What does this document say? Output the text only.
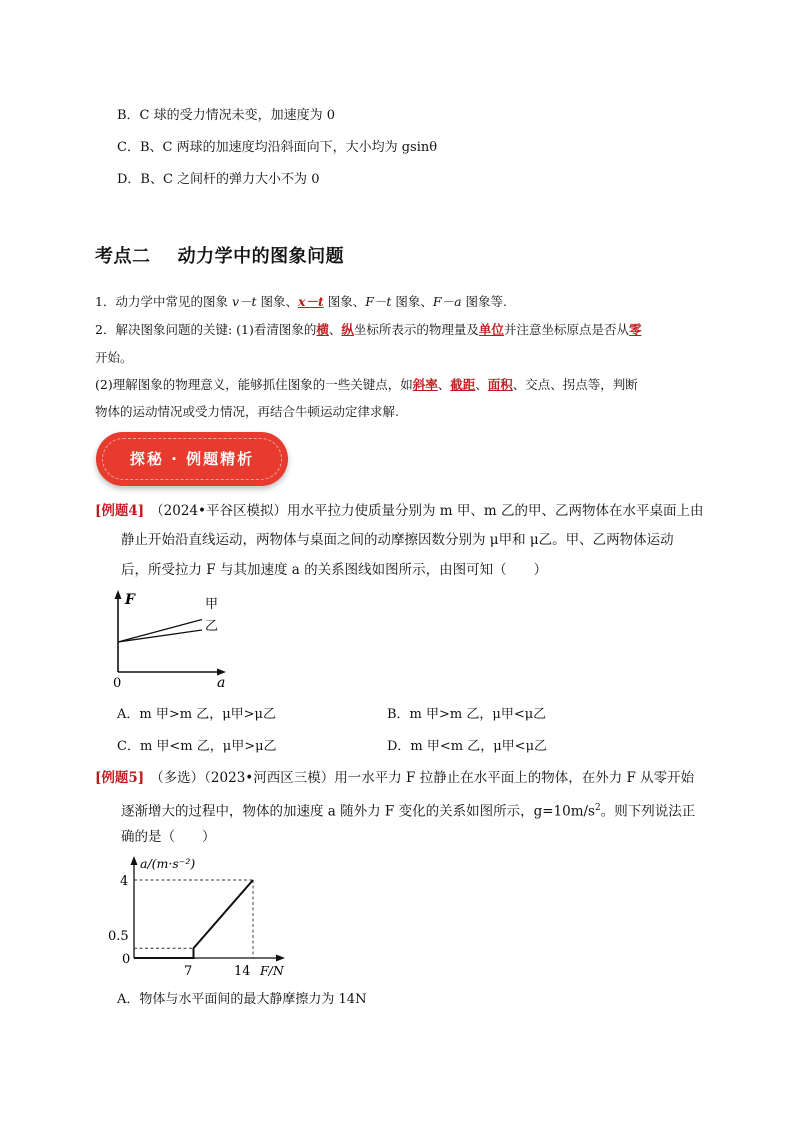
B．C 球的受力情况未变，加速度为 0
C．B、C 两球的加速度均沿斜面向下，大小均为 gsinθ
D．B、C 之间杆的弹力大小不为 0
考点二    动力学中的图象问题
1．动力学中常见的图象 v－t 图象、x－t 图象、F－t 图象、F－a 图象等.
2．解决图象问题的关键: (1)看清图象的横、纵坐标所表示的物理量及单位并注意坐标原点是否从零
开始。
(2)理解图象的物理意义，能够抓住图象的一些关键点，如斜率、截距、面积、交点、拐点等，判断
物体的运动情况或受力情况，再结合牛顿运动定律求解.
探秘 · 例题精析
[例题4] （2024•平谷区模拟）用水平拉力使质量分别为 m 甲、m 乙的甲、乙两物体在水平桌面上由
静止开始沿直线运动，两物体与桌面之间的动摩擦因数分别为 μ甲和 μ乙。甲、乙两物体运动
后，所受拉力 F 与其加速度 a 的关系图线如图所示，由图可知（　　）
F
a
0
甲
乙
A．m 甲>m 乙，μ甲>μ乙	B．m 甲>m 乙，μ甲<μ乙
C．m 甲<m 乙，μ甲>μ乙	D．m 甲<m 乙，μ甲<μ乙
[例题5] （多选）（2023•河西区三模）用一水平力 F 拉静止在水平面上的物体，在外力 F 从零开始
逐渐增大的过程中，物体的加速度 a 随外力 F 变化的关系如图所示，$g=10m/s^2$。则下列说法正
确的是（　　）
a/(m·s⁻²)
F/N
4
0.5
0
7	14
A．物体与水平面间的最大静摩擦力为 14N
